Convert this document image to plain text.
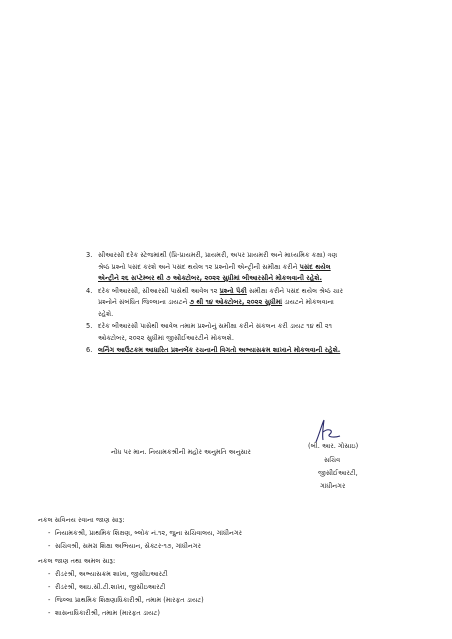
3. સીઆરસી દરેક સ્ટેજમાંથી (પ્રિ-પ્રાયમરી, પ્રાયમરી, અપર પ્રાયમરી અને માધ્યમિક કક્ષા) ત્રણ
શ્રેષ્ઠ પ્રશ્નો પસંદ કરશે અને પસંદ થયેલ ૧૨ પ્રશ્નોની એન્ટ્રીની સમીક્ષા કરીને પસંદ થયેલ
એન્ટ્રીને ૨૬ સપ્ટેમ્બર થી ૭ ઓક્ટોબર, ૨૦૨૨ સુધીમાં બીઆરસીને મોકલવાની રહેશે.
4. દરેક બીઆરસી, સીઆરસી પાસેથી આવેલ ૧૨ પ્રશ્નો પૈકી સમીક્ષા કરીને પસંદ થયેલ શ્રેષ્ઠ ચાર
પ્રશ્નોને સંબંધિત જિલ્લાના ડાયટને ૭ થી ૧૪ ઓક્ટોબર, ૨૦૨૨ સુધીમાં ડાયટને મોકલવાના
રહેશે.
5. દરેક બીઆરસી પાસેથી આવેલ તમામ પ્રશ્નોનું સમીક્ષા કરીને સંકલન કરી ડાયટ ૧૪ થી ૨૧
ઓક્ટોબર, ૨૦૨૨ સુધીમાં જીસીઈઆરટીને મોકલશે.
6. લર્નિંગ આઉટકમ આધારિત પ્રશ્નબેંક રચનાની વિગતો અભ્યાસક્રમ શાખાને મોકલવાની રહેશે.
નોંધ પર માન. નિયામકશ્રીની મહોર અનુમતિ અનુસાર
(બી. આર. ગોસાઇ)
સચિવ
જીસીઈઆરટી,
ગાંધીનગર
નકલ સવિનય રવાના જાણ સારૂ:
- નિયામકશ્રી, પ્રાથમિક શિક્ષણ, બ્લોક નં.૧૨, જુના સચિવાલય, ગાંધીનગર
- સચિવશ્રી, સમગ્ર શિક્ષા અભિયાન, સેક્ટર-૧૭, ગાંધીનગર
નકલ જાણ તથા અમલ સારૂ:
- રીડરશ્રી, અભ્યાસક્રમ શાખા, જીસીઇઆરટી
- રીડરશ્રી, આઇ.સી.ટી.શાખા, જીસીઇઆરટી
- જિલ્લા પ્રાથમિક શિક્ષણાધિકારીશ્રી, તમામ (મારફત ડાયટ)
- શાસનાધિકારીશ્રી, તમામ (મારફત ડાયટ)
